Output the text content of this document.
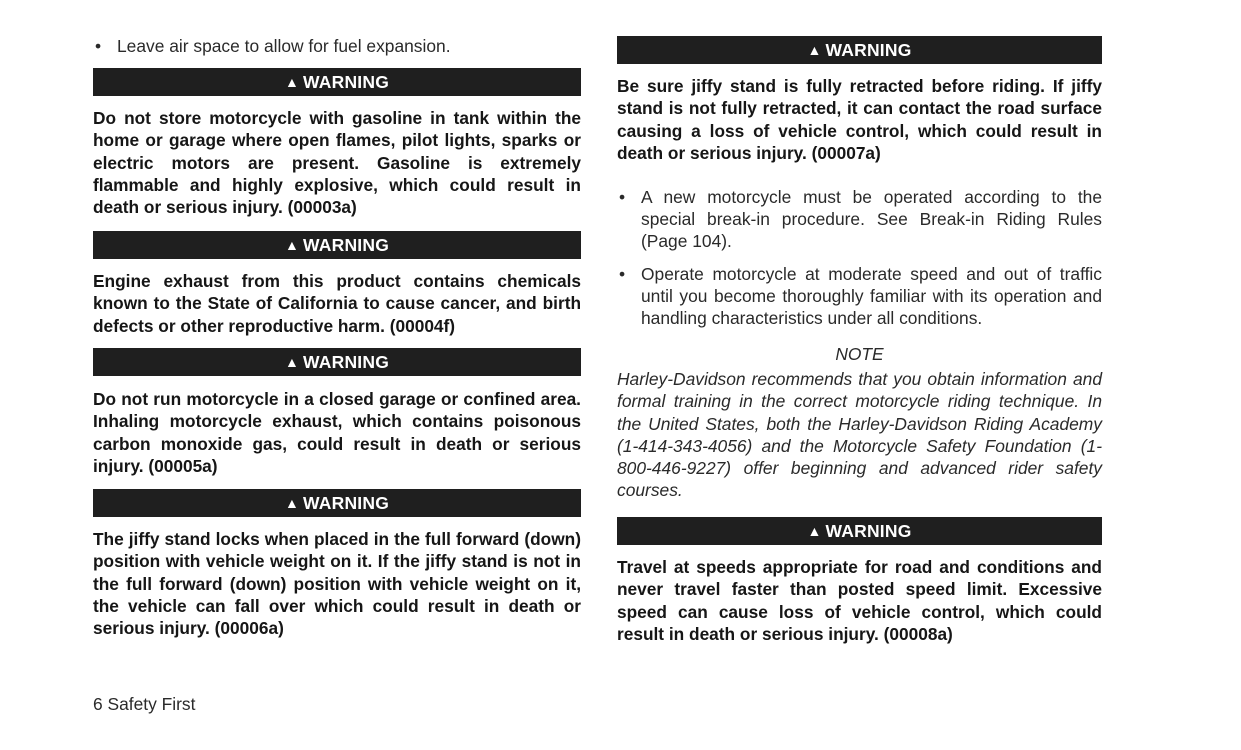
• Leave air space to allow for fuel expansion.
▲ WARNING
Do not store motorcycle with gasoline in tank within the home or garage where open flames, pilot lights, sparks or electric motors are present. Gasoline is extremely flammable and highly explosive, which could result in death or serious injury. (00003a)
▲ WARNING
Engine exhaust from this product contains chemicals known to the State of California to cause cancer, and birth defects or other reproductive harm. (00004f)
▲ WARNING
Do not run motorcycle in a closed garage or confined area. Inhaling motorcycle exhaust, which contains poisonous carbon monoxide gas, could result in death or serious injury. (00005a)
▲ WARNING
The jiffy stand locks when placed in the full forward (down) position with vehicle weight on it. If the jiffy stand is not in the full forward (down) position with vehicle weight on it, the vehicle can fall over which could result in death or serious injury. (00006a)
▲ WARNING
Be sure jiffy stand is fully retracted before riding. If jiffy stand is not fully retracted, it can contact the road surface causing a loss of vehicle control, which could result in death or serious injury. (00007a)
• A new motorcycle must be operated according to the special break-in procedure. See Break-in Riding Rules (Page 104).
• Operate motorcycle at moderate speed and out of traffic until you become thoroughly familiar with its operation and handling characteristics under all conditions.
NOTE
Harley-Davidson recommends that you obtain information and formal training in the correct motorcycle riding technique. In the United States, both the Harley-Davidson Riding Academy (1-414-343-4056) and the Motorcycle Safety Foundation (1-800-446-9227) offer beginning and advanced rider safety courses.
▲ WARNING
Travel at speeds appropriate for road and conditions and never travel faster than posted speed limit. Excessive speed can cause loss of vehicle control, which could result in death or serious injury. (00008a)
6 Safety First
